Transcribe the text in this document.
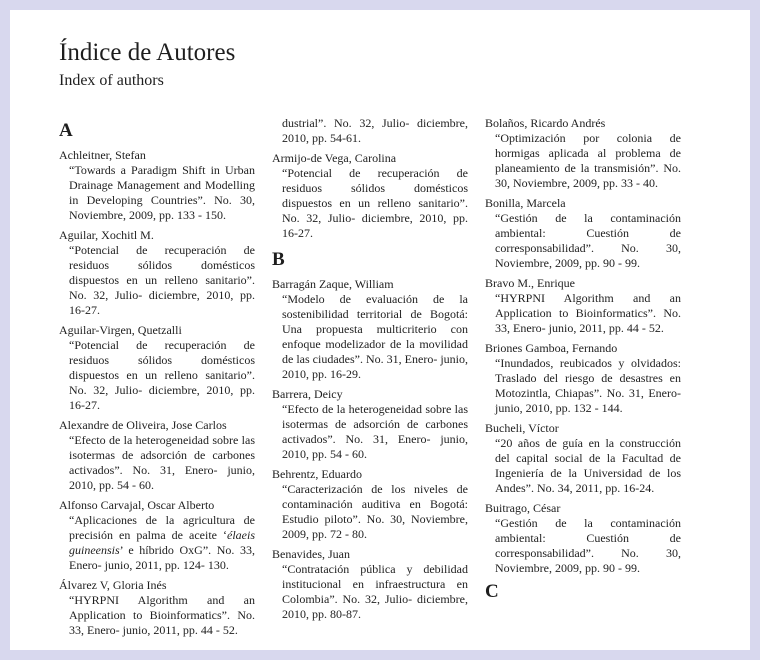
Índice de Autores
Index of authors
A
Achleitner, Stefan
“Towards a Paradigm Shift in Urban Drainage Management and Modelling in Developing Countries”. No. 30, Noviembre, 2009, pp. 133 - 150.
Aguilar, Xochitl M.
“Potencial de recuperación de residuos sólidos domésticos dispuestos en un relleno sanitario”. No. 32, Julio- diciembre, 2010, pp. 16-27.
Aguilar-Virgen, Quetzalli
“Potencial de recuperación de residuos sólidos domésticos dispuestos en un relleno sanitario”. No. 32, Julio- diciembre, 2010, pp. 16-27.
Alexandre de Oliveira, Jose Carlos
“Efecto de la heterogeneidad sobre las isotermas de adsorción de carbones activados”. No. 31, Enero- junio, 2010, pp. 54 - 60.
Alfonso Carvajal, Oscar Alberto
“Aplicaciones de la agricultura de precisión en palma de aceite ‘élaeis guineensis’ e híbrido OxG”. No. 33, Enero- junio, 2011, pp. 124- 130.
Álvarez V, Gloria Inés
“HYRPNI Algorithm and an Application to Bioinformatics”. No. 33, Enero- junio, 2011, pp. 44 - 52.
dustrial”. No. 32, Julio- diciembre, 2010, pp. 54-61.
Armijo-de Vega, Carolina
“Potencial de recuperación de residuos sólidos domésticos dispuestos en un relleno sanitario”. No. 32, Julio- diciembre, 2010, pp. 16-27.
B
Barragán Zaque, William
“Modelo de evaluación de la sostenibilidad territorial de Bogotá: Una propuesta multicriterio con enfoque modelizador de la movilidad de las ciudades”. No. 31, Enero- junio, 2010, pp. 16-29.
Barrera, Deicy
“Efecto de la heterogeneidad sobre las isotermas de adsorción de carbones activados”. No. 31, Enero- junio, 2010, pp. 54 - 60.
Behrentz, Eduardo
“Caracterización de los niveles de contaminación auditiva en Bogotá: Estudio piloto”. No. 30, Noviembre, 2009, pp. 72 - 80.
Benavides, Juan
“Contratación pública y debilidad institucional en infraestructura en Colombia”. No. 32, Julio- diciembre, 2010, pp. 80-87.
Bolaños, Ricardo Andrés
“Optimización por colonia de hormigas aplicada al problema de planeamiento de la transmisión”. No. 30, Noviembre, 2009, pp. 33 - 40.
Bonilla, Marcela
“Gestión de la contaminación ambiental: Cuestión de corresponsabilidad”. No. 30, Noviembre, 2009, pp. 90 - 99.
Bravo M., Enrique
“HYRPNI Algorithm and an Application to Bioinformatics”. No. 33, Enero- junio, 2011, pp. 44 - 52.
Briones Gamboa, Fernando
“Inundados, reubicados y olvidados: Traslado del riesgo de desastres en Motozintla, Chiapas”. No. 31, Enero- junio, 2010, pp. 132 - 144.
Bucheli, Víctor
“20 años de guía en la construcción del capital social de la Facultad de Ingeniería de la Universidad de los Andes”. No. 34, 2011, pp. 16-24.
Buitrago, César
“Gestión de la contaminación ambiental: Cuestión de corresponsabilidad”. No. 30, Noviembre, 2009, pp. 90 - 99.
C
